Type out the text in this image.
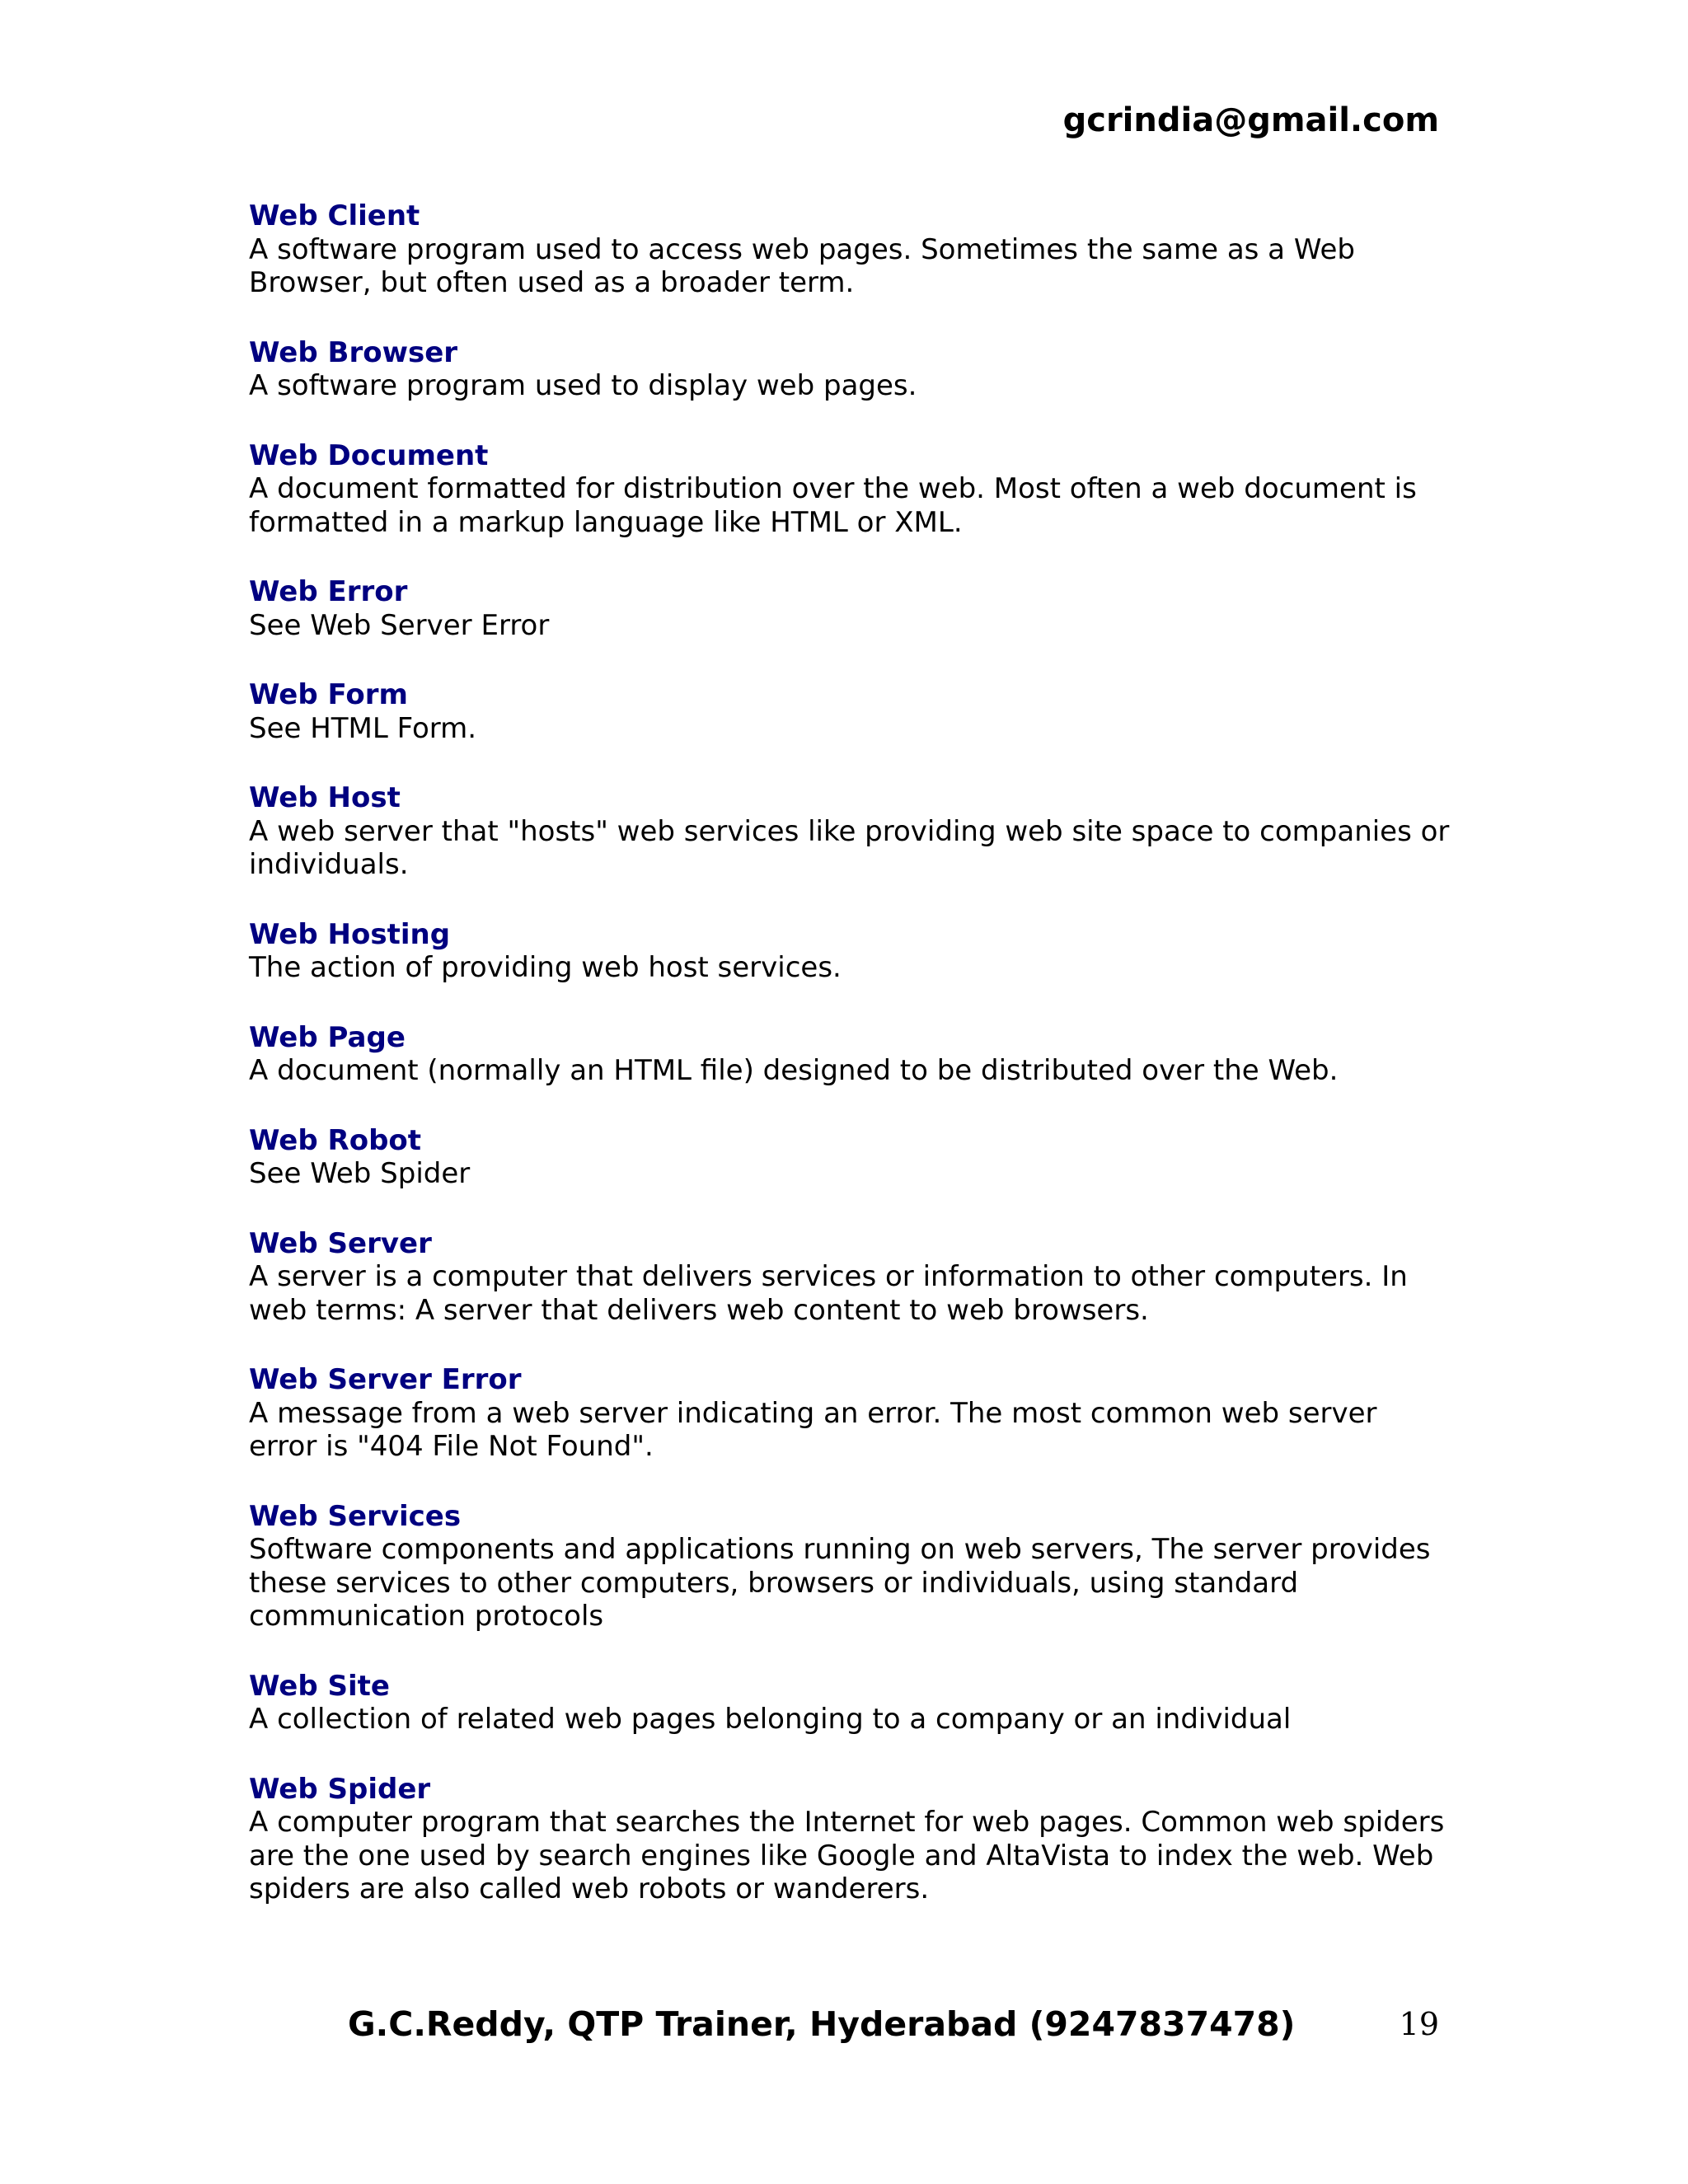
gcrindia@gmail.com
Web Client
A software program used to access web pages. Sometimes the same as a Web Browser, but often used as a broader term.
Web Browser
A software program used to display web pages.
Web Document
A document formatted for distribution over the web. Most often a web document is formatted in a markup language like HTML or XML.
Web Error
See Web Server Error
Web Form
See HTML Form.
Web Host
A web server that "hosts" web services like providing web site space to companies or individuals.
Web Hosting
The action of providing web host services.
Web Page
A document (normally an HTML file) designed to be distributed over the Web.
Web Robot
See Web Spider
Web Server
A server is a computer that delivers services or information to other computers. In web terms: A server that delivers web content to web browsers.
Web Server Error
A message from a web server indicating an error. The most common web server error is "404 File Not Found".
Web Services
Software components and applications running on web servers, The server provides these services to other computers, browsers or individuals, using standard communication protocols
Web Site
A collection of related web pages belonging to a company or an individual
Web Spider
A computer program that searches the Internet for web pages. Common web spiders are the one used by search engines like Google and AltaVista to index the web. Web spiders are also called web robots or wanderers.
G.C.Reddy, QTP Trainer, Hyderabad (9247837478)	19
